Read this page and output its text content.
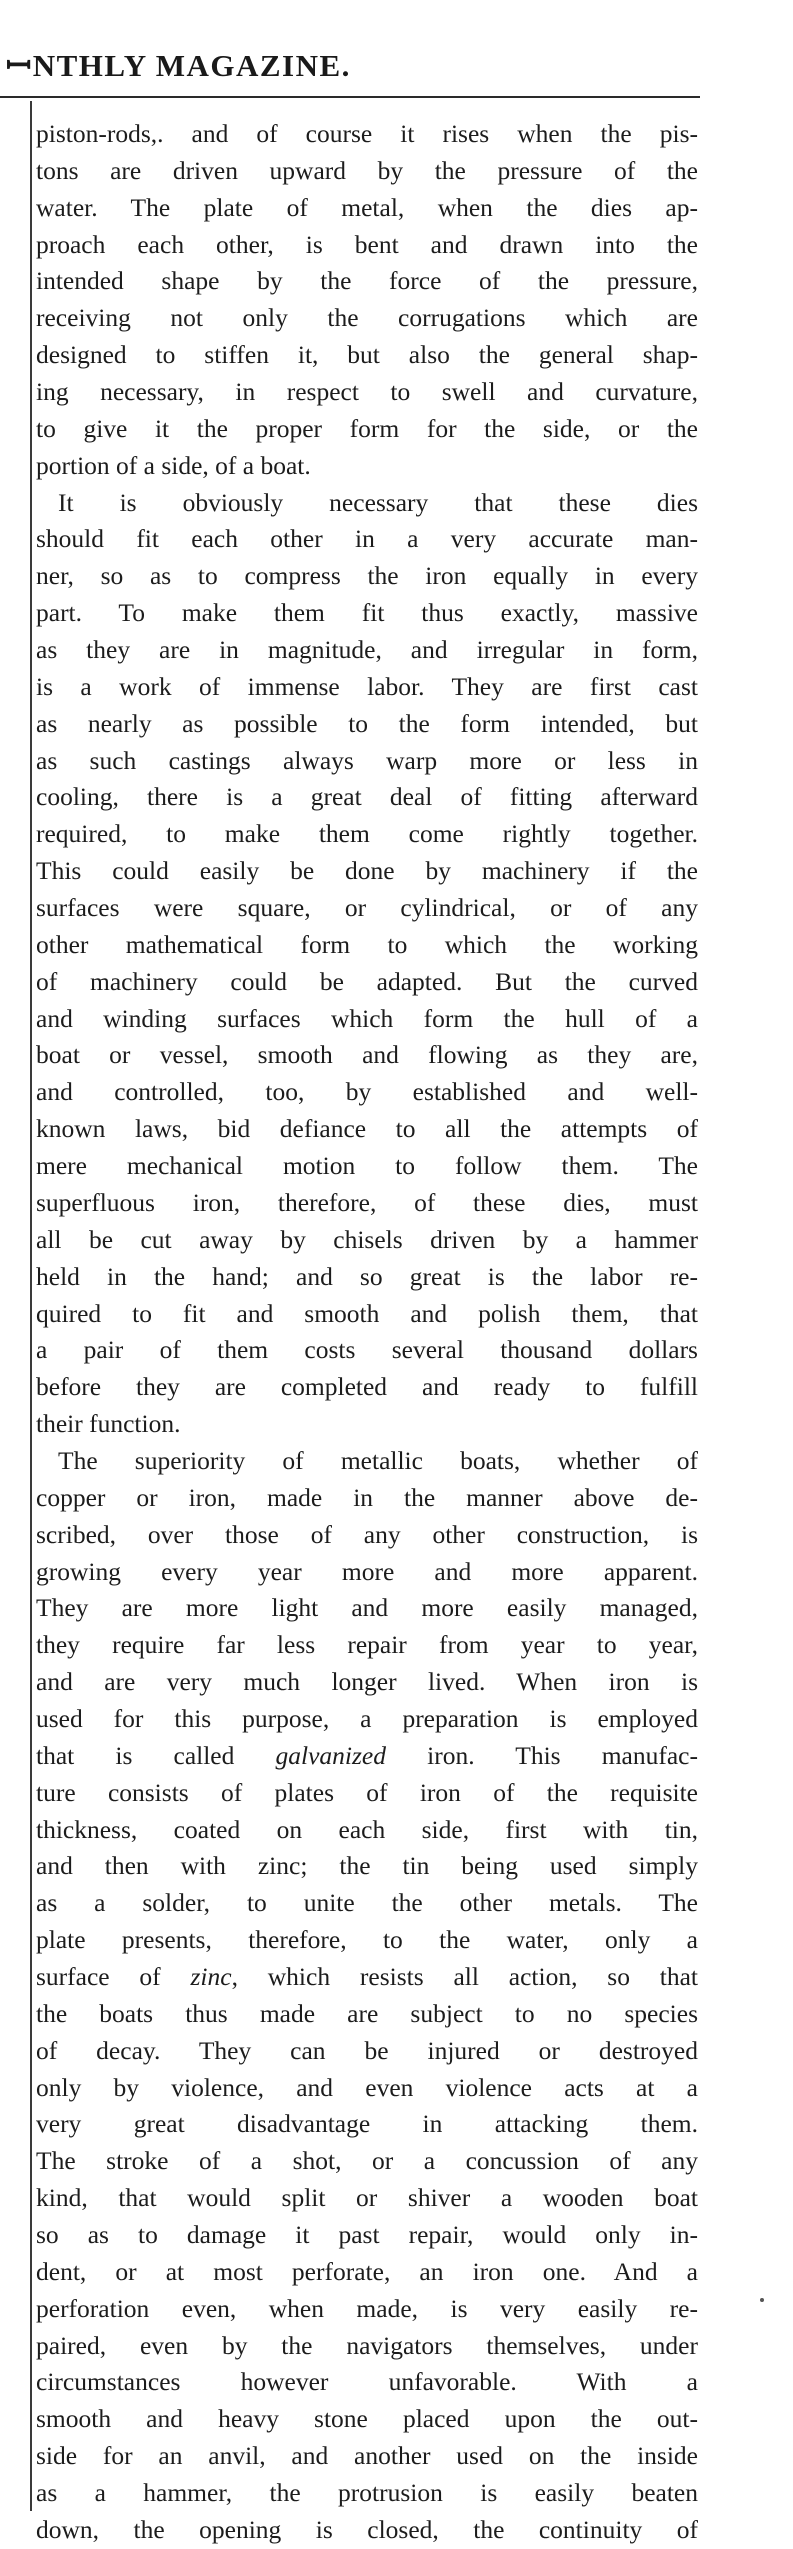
ꟷNTHLY MAGAZINE.
piston-rods,. and of course it rises when the pis-
tons are driven upward by the pressure of the
water. The plate of metal, when the dies ap-
proach each other, is bent and drawn into the
intended shape by the force of the pressure,
receiving not only the corrugations which are
designed to stiffen it, but also the general shap-
ing necessary, in respect to swell and curvature,
to give it the proper form for the side, or the
portion of a side, of a boat.
It is obviously necessary that these dies
should fit each other in a very accurate man-
ner, so as to compress the iron equally in every
part. To make them fit thus exactly, massive
as they are in magnitude, and irregular in form,
is a work of immense labor. They are first cast
as nearly as possible to the form intended, but
as such castings always warp more or less in
cooling, there is a great deal of fitting afterward
required, to make them come rightly together.
This could easily be done by machinery if the
surfaces were square, or cylindrical, or of any
other mathematical form to which the working
of machinery could be adapted. But the curved
and winding surfaces which form the hull of a
boat or vessel, smooth and flowing as they are,
and controlled, too, by established and well-
known laws, bid defiance to all the attempts of
mere mechanical motion to follow them. The
superfluous iron, therefore, of these dies, must
all be cut away by chisels driven by a hammer
held in the hand; and so great is the labor re-
quired to fit and smooth and polish them, that
a pair of them costs several thousand dollars
before they are completed and ready to fulfill
their function.
The superiority of metallic boats, whether of
copper or iron, made in the manner above de-
scribed, over those of any other construction, is
growing every year more and more apparent.
They are more light and more easily managed,
they require far less repair from year to year,
and are very much longer lived. When iron is
used for this purpose, a preparation is employed
that is called galvanized iron. This manufac-
ture consists of plates of iron of the requisite
thickness, coated on each side, first with tin,
and then with zinc; the tin being used simply
as a solder, to unite the other metals. The
plate presents, therefore, to the water, only a
surface of zinc, which resists all action, so that
the boats thus made are subject to no species
of decay. They can be injured or destroyed
only by violence, and even violence acts at a
very great disadvantage in attacking them.
The stroke of a shot, or a concussion of any
kind, that would split or shiver a wooden boat
so as to damage it past repair, would only in-
dent, or at most perforate, an iron one. And a
perforation even, when made, is very easily re-
paired, even by the navigators themselves, under
circumstances however unfavorable. With a
smooth and heavy stone placed upon the out-
side for an anvil, and another used on the inside
as a hammer, the protrusion is easily beaten
down, the opening is closed, the continuity of
